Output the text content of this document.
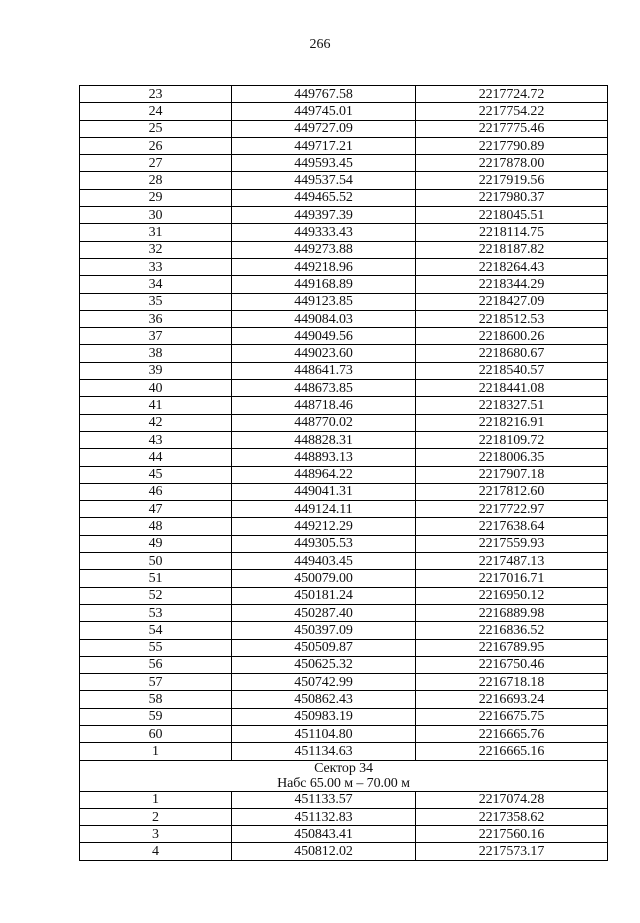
266
23	449767.58	2217724.72
24	449745.01	2217754.22
25	449727.09	2217775.46
26	449717.21	2217790.89
27	449593.45	2217878.00
28	449537.54	2217919.56
29	449465.52	2217980.37
30	449397.39	2218045.51
31	449333.43	2218114.75
32	449273.88	2218187.82
33	449218.96	2218264.43
34	449168.89	2218344.29
35	449123.85	2218427.09
36	449084.03	2218512.53
37	449049.56	2218600.26
38	449023.60	2218680.67
39	448641.73	2218540.57
40	448673.85	2218441.08
41	448718.46	2218327.51
42	448770.02	2218216.91
43	448828.31	2218109.72
44	448893.13	2218006.35
45	448964.22	2217907.18
46	449041.31	2217812.60
47	449124.11	2217722.97
48	449212.29	2217638.64
49	449305.53	2217559.93
50	449403.45	2217487.13
51	450079.00	2217016.71
52	450181.24	2216950.12
53	450287.40	2216889.98
54	450397.09	2216836.52
55	450509.87	2216789.95
56	450625.32	2216750.46
57	450742.99	2216718.18
58	450862.43	2216693.24
59	450983.19	2216675.75
60	451104.80	2216665.76
1	451134.63	2216665.16

Сектор 34
Набс 65.00 м – 70.00 м		

1	451133.57	2217074.28
2	451132.83	2217358.62
3	450843.41	2217560.16
4	450812.02	2217573.17
